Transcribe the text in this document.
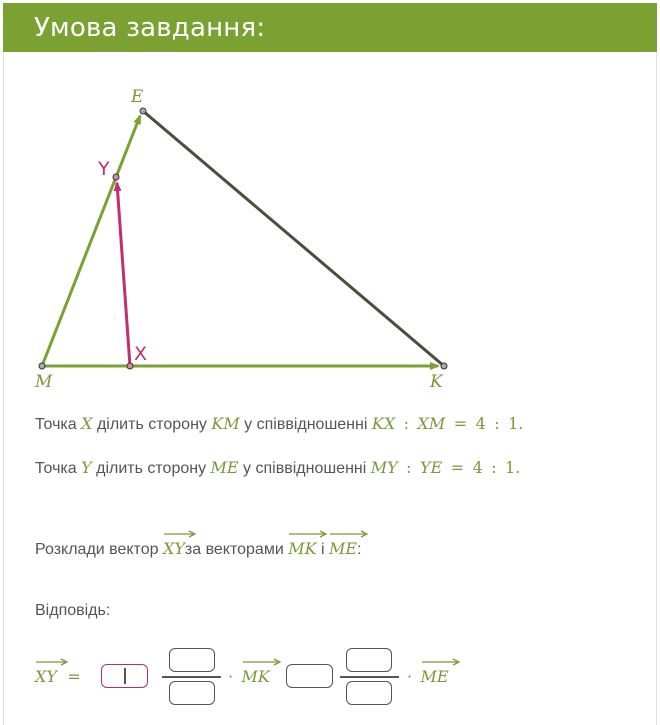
Умова завдання:
E
M	K
Y
X
Точка X ділить сторону KM у співвідношенні KX : XM = 4 : 1.
Точка Y ділить сторону ME у співвідношенні MY : YE = 4 : 1.
Розклади вектор XYза векторами MK і ME:
Відповідь:
XY =	· MK	· ME
